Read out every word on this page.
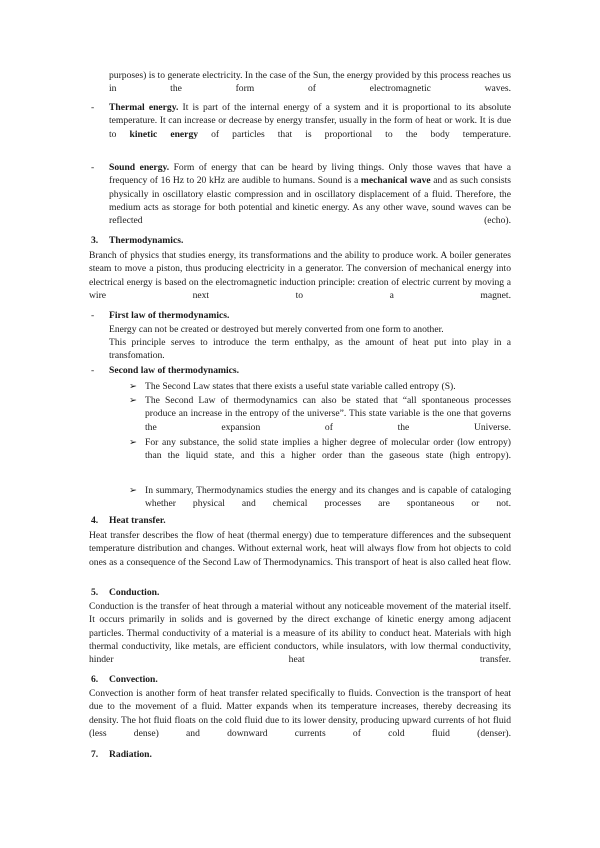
purposes) is to generate electricity. In the case of the Sun, the energy provided by this process reaches us in the form of electromagnetic waves.

- Thermal energy. It is part of the internal energy of a system and it is proportional to its absolute temperature. It can increase or decrease by energy transfer, usually in the form of heat or work. It is due to kinetic energy of particles that is proportional to the body temperature.

- Sound energy. Form of energy that can be heard by living things. Only those waves that have a frequency of 16 Hz to 20 kHz are audible to humans. Sound is a mechanical wave and as such consists physically in oscillatory elastic compression and in oscillatory displacement of a fluid. Therefore, the medium acts as storage for both potential and kinetic energy. As any other wave, sound waves can be reflected (echo).

3. Thermodynamics.

Branch of physics that studies energy, its transformations and the ability to produce work. A boiler generates steam to move a piston, thus producing electricity in a generator. The conversion of mechanical energy into electrical energy is based on the electromagnetic induction principle: creation of electric current by moving a wire next to a magnet.

- First law of thermodynamics.

Energy can not be created or destroyed but merely converted from one form to another.

This principle serves to introduce the term enthalpy, as the amount of heat put into play in a transfomation.

- Second law of thermodynamics.
➢ The Second Law states that there exists a useful state variable called entropy (S).

➢ The Second Law of thermodynamics can also be stated that “all spontaneous processes produce an increase in the entropy of the universe”. This state variable is the one that governs the expansion of the Universe.

➢ For any substance, the solid state implies a higher degree of molecular order (low entropy) than the liquid state, and this a higher order than the gaseous state (high entropy).

➢ In summary, Thermodynamics studies the energy and its changes and is capable of cataloging whether physical and chemical processes are spontaneous or not.

4. Heat transfer.

Heat transfer describes the flow of heat (thermal energy) due to temperature differences and the subsequent temperature distribution and changes. Without external work, heat will always flow from hot objects to cold ones as a consequence of the Second Law of Thermodynamics. This transport of heat is also called heat flow.

5. Conduction.

Conduction is the transfer of heat through a material without any noticeable movement of the material itself. It occurs primarily in solids and is governed by the direct exchange of kinetic energy among adjacent particles. Thermal conductivity of a material is a measure of its ability to conduct heat. Materials with high thermal conductivity, like metals, are efficient conductors, while insulators, with low thermal conductivity, hinder heat transfer.

6. Convection.

Convection is another form of heat transfer related specifically to fluids. Convection is the transport of heat due to the movement of a fluid. Matter expands when its temperature increases, thereby decreasing its density. The hot fluid floats on the cold fluid due to its lower density, producing upward currents of hot fluid (less dense) and downward currents of cold fluid (denser).

7. Radiation.
